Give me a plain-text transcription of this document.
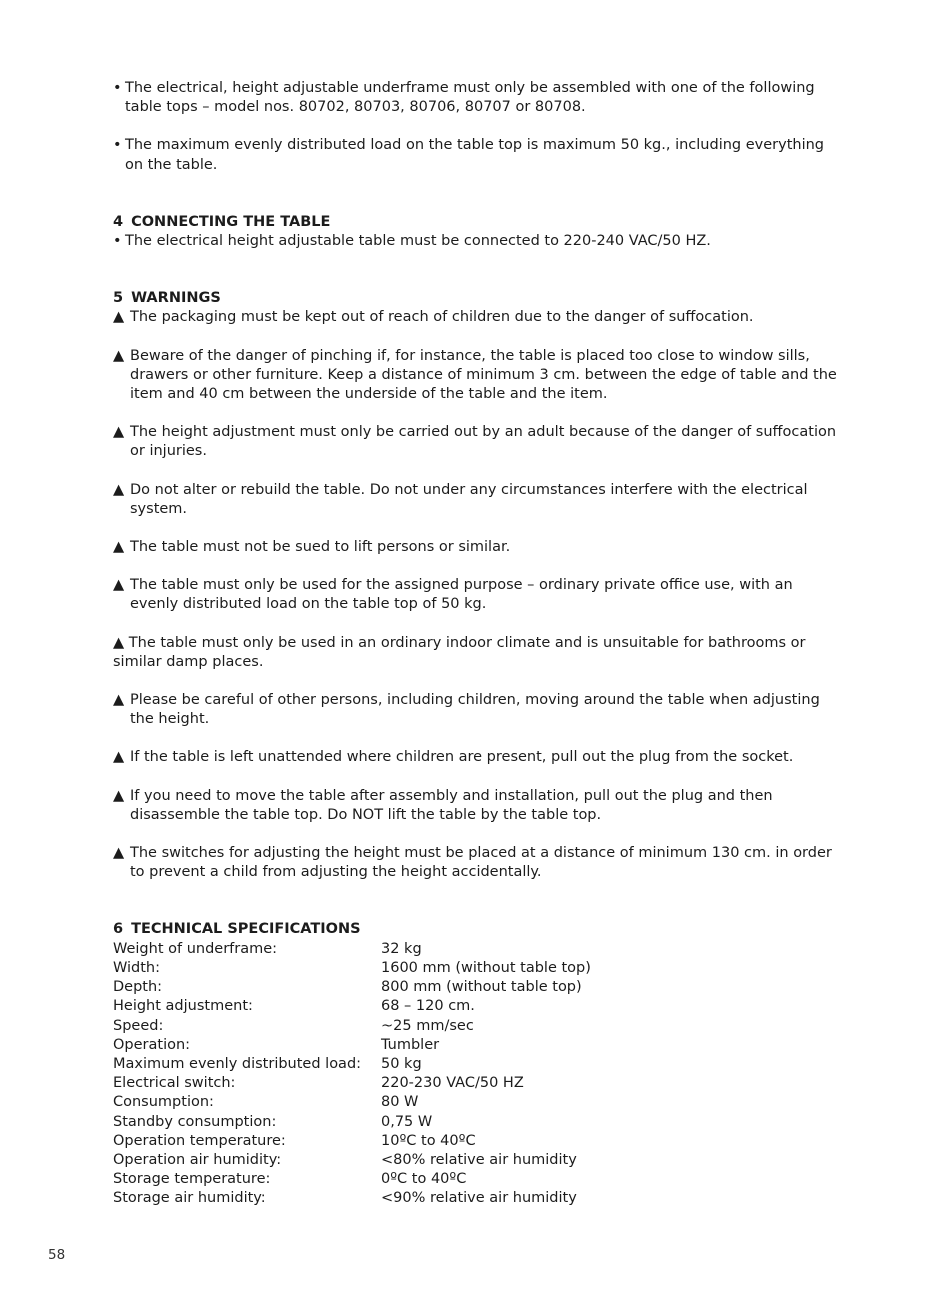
• The electrical, height adjustable underframe must only be assembled with one of the following table tops – model nos. 80702, 80703, 80706, 80707 or 80708.
• The maximum evenly distributed load on the table top is maximum 50 kg., including everything on the table.
4 CONNECTING THE TABLE
• The electrical height adjustable table must be connected to 220-240 VAC/50 HZ.
5 WARNINGS
▲ The packaging must be kept out of reach of children due to the danger of suffocation.
▲ Beware of the danger of pinching if, for instance, the table is placed too close to window sills, drawers or other furniture. Keep a distance of minimum 3 cm. between the edge of table and the item and 40 cm between the underside of the table and the item.
▲ The height adjustment must only be carried out by an adult because of the danger of suffocation or injuries.
▲ Do not alter or rebuild the table. Do not under any circumstances interfere with the electrical system.
▲ The table must not be sued to lift persons or similar.
▲ The table must only be used for the assigned purpose – ordinary private office use, with an evenly distributed load on the table top of 50 kg.
▲ The table must only be used in an ordinary indoor climate and is unsuitable for bathrooms or similar damp places.
▲ Please be careful of other persons, including children, moving around the table when adjusting the height.
▲ If the table is left unattended where children are present, pull out the plug from the socket.
▲ If you need to move the table after assembly and installation, pull out the plug and then disassemble the table top. Do NOT lift the table by the table top.
▲ The switches for adjusting the height must be placed at a distance of minimum 130 cm. in order to prevent a child from adjusting the height accidentally.
6 TECHNICAL SPECIFICATIONS
Weight of underframe:	32 kg
Width:	1600 mm (without table top)
Depth:	800 mm (without table top)
Height adjustment:	68 – 120 cm.
Speed:	~25 mm/sec
Operation:	Tumbler
Maximum evenly distributed load:	50 kg
Electrical switch:	220-230 VAC/50 HZ
Consumption:	80 W
Standby consumption:	0,75 W
Operation temperature:	10ºC to 40ºC
Operation air humidity:	<80% relative air humidity
Storage temperature:	0ºC to 40ºC
Storage air humidity:	<90% relative air humidity
58
